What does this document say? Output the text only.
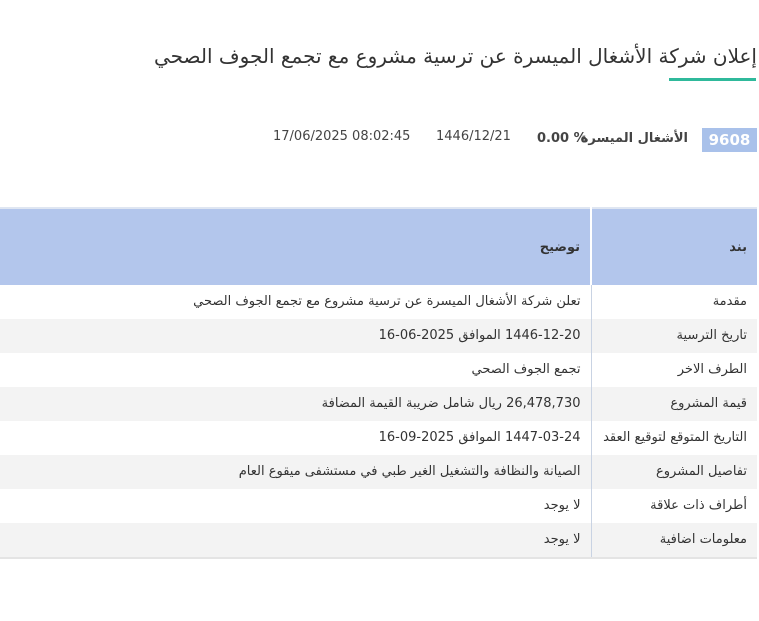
إعلان شركة الأشغال الميسرة عن ترسية مشروع مع تجمع الجوف الصحي
9608
الأشغال الميسرة
0.00 %
1446/12/21
17/06/2025 08:02:45
بند	توضيح
مقدمة	تعلن شركة الأشغال الميسرة عن ترسية مشروع مع تجمع الجوف الصحي
تاريخ الترسية	1446-12-20 الموافق 2025-06-16
الطرف الاخر	تجمع الجوف الصحي
قيمة المشروع	26,478,730 ريال شامل ضريبة القيمة المضافة
التاريخ المتوقع لتوقيع العقد	1447-03-24 الموافق 2025-09-16
تفاصيل المشروع	الصيانة والنظافة والتشغيل الغير طبي في مستشفى ميقوع العام
أطراف ذات علاقة	لا يوجد
معلومات اضافية	لا يوجد
